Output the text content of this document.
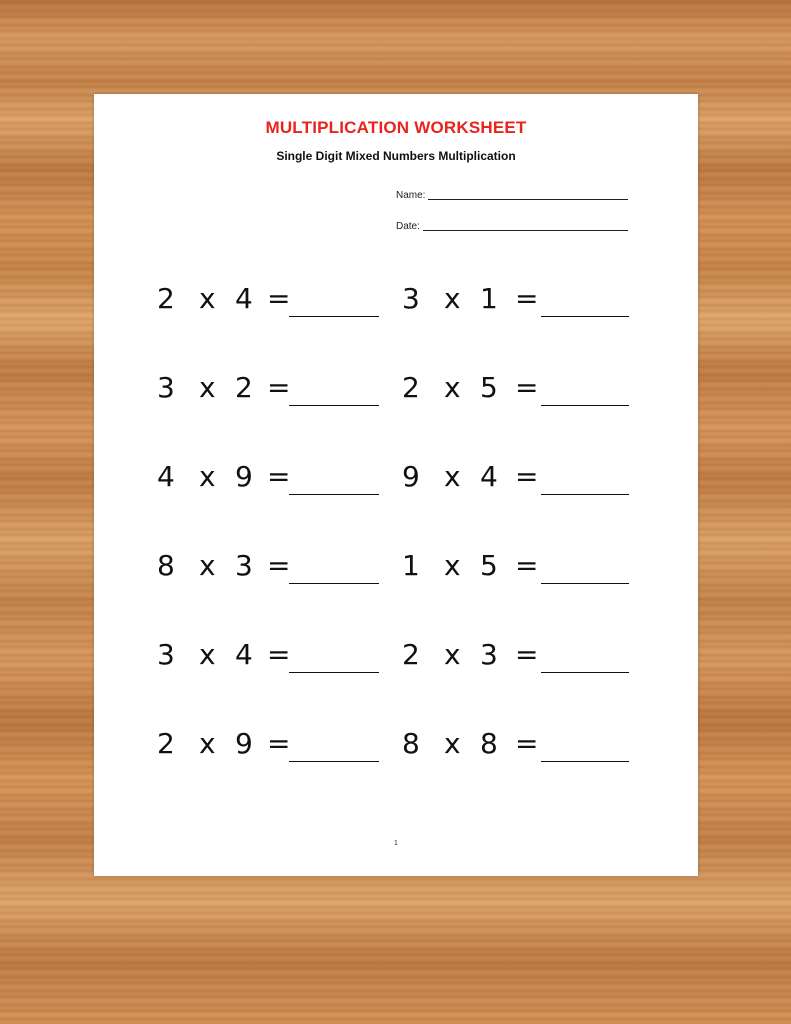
MULTIPLICATION WORKSHEET
Single Digit Mixed Numbers Multiplication
Name:
Date:
2 x 4 =	3 x 1 =
3 x 2 =	2 x 5 =
4 x 9 =	9 x 4 =
8 x 3 =	1 x 5 =
3 x 4 =	2 x 3 =
2 x 9 =	8 x 8 =
1
